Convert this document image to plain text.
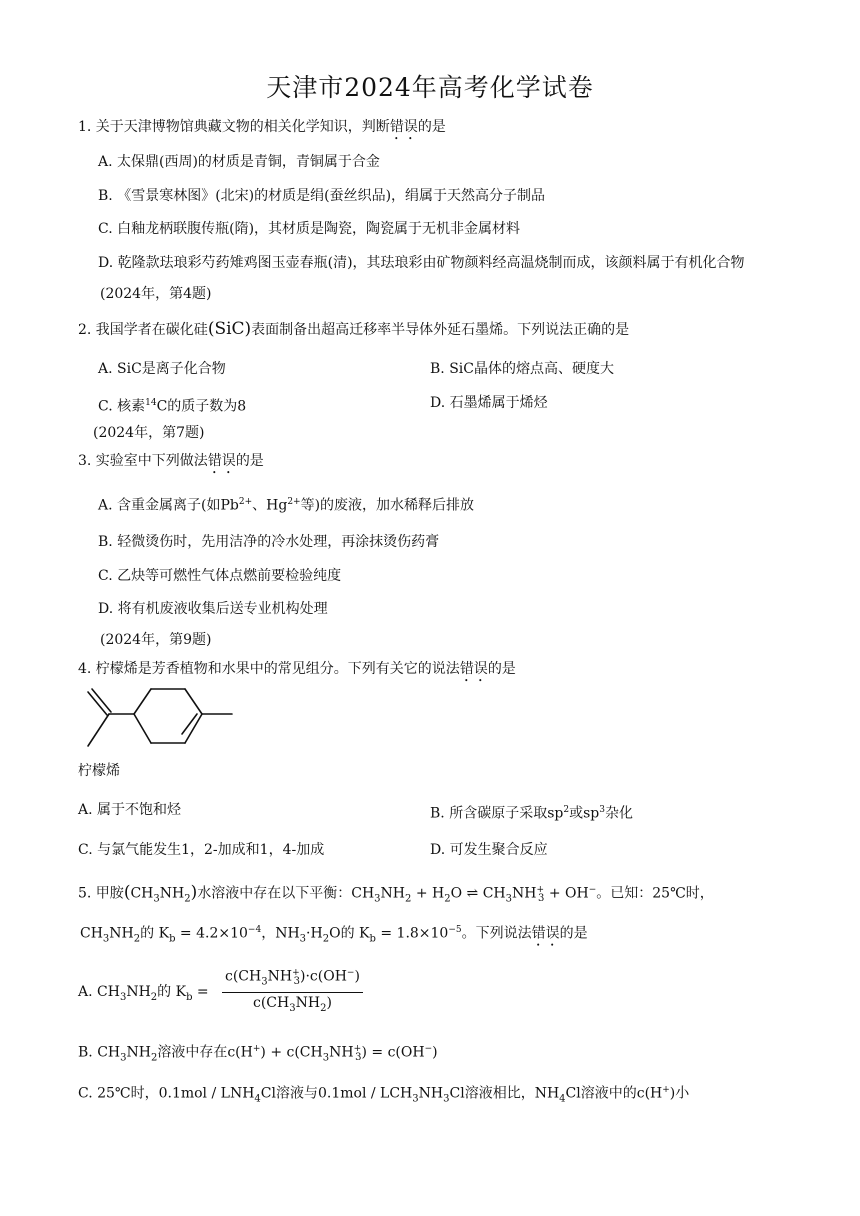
天津市2024年高考化学试卷
1. 关于天津博物馆典藏文物的相关化学知识，判断错误的是
A. 太保鼎(西周)的材质是青铜，青铜属于合金
B. 《雪景寒林图》(北宋)的材质是绢(蚕丝织品)，绢属于天然高分子制品
C. 白釉龙柄联腹传瓶(隋)，其材质是陶瓷，陶瓷属于无机非金属材料
D. 乾隆款珐琅彩芍药雉鸡图玉壶春瓶(清)，其珐琅彩由矿物颜料经高温烧制而成，该颜料属于有机化合物
(2024年，第4题)
2. 我国学者在碳化硅(SiC)表面制备出超高迁移率半导体外延石墨烯。下列说法正确的是
A. SiC是离子化合物	B. SiC晶体的熔点高、硬度大
C. 核素$^{14}$C的质子数为8	D. 石墨烯属于烯烃
(2024年，第7题)
3. 实验室中下列做法错误的是
A. 含重金属离子(如$Pb^{2+}$、$Hg^{2+}$等)的废液，加水稀释后排放
B. 轻微烫伤时，先用洁净的冷水处理，再涂抹烫伤药膏
C. 乙炔等可燃性气体点燃前要检验纯度
D. 将有机废液收集后送专业机构处理
(2024年，第9题)
4. 柠檬烯是芳香植物和水果中的常见组分。下列有关它的说法错误的是
柠檬烯
A. 属于不饱和烃	B. 所含碳原子采取$sp^2$或$sp^3$杂化
C. 与氯气能发生1，2-加成和1，4-加成	D. 可发生聚合反应
5. 甲胺$(CH_3NH_2)$水溶液中存在以下平衡：$CH_3NH_2 + H_2O$ ⇌ $CH_3NH^+_3 + OH^-$。已知：25℃时，
$CH_3NH_2$的 $K_b = 4.2\times 10^{-4}$，$NH_3\cdot H_2O$的 $K_b = 1.8\times 10^{-5}$。下列说法错误的是
A. $CH_3NH_2$的 $K_b$ =
$c(CH_3NH^+_3)\cdot c(OH^-)$
$c(CH_3NH_2)$
B. $CH_3NH_2$溶液中存在$c(H^+) + c(CH_3NH^+_3) = c(OH^-)$
C. 25℃时，$0.1mol / LNH_4Cl$溶液与$0.1mol / LCH_3NH_3Cl$溶液相比，$NH_4Cl$溶液中的c(H+)小
